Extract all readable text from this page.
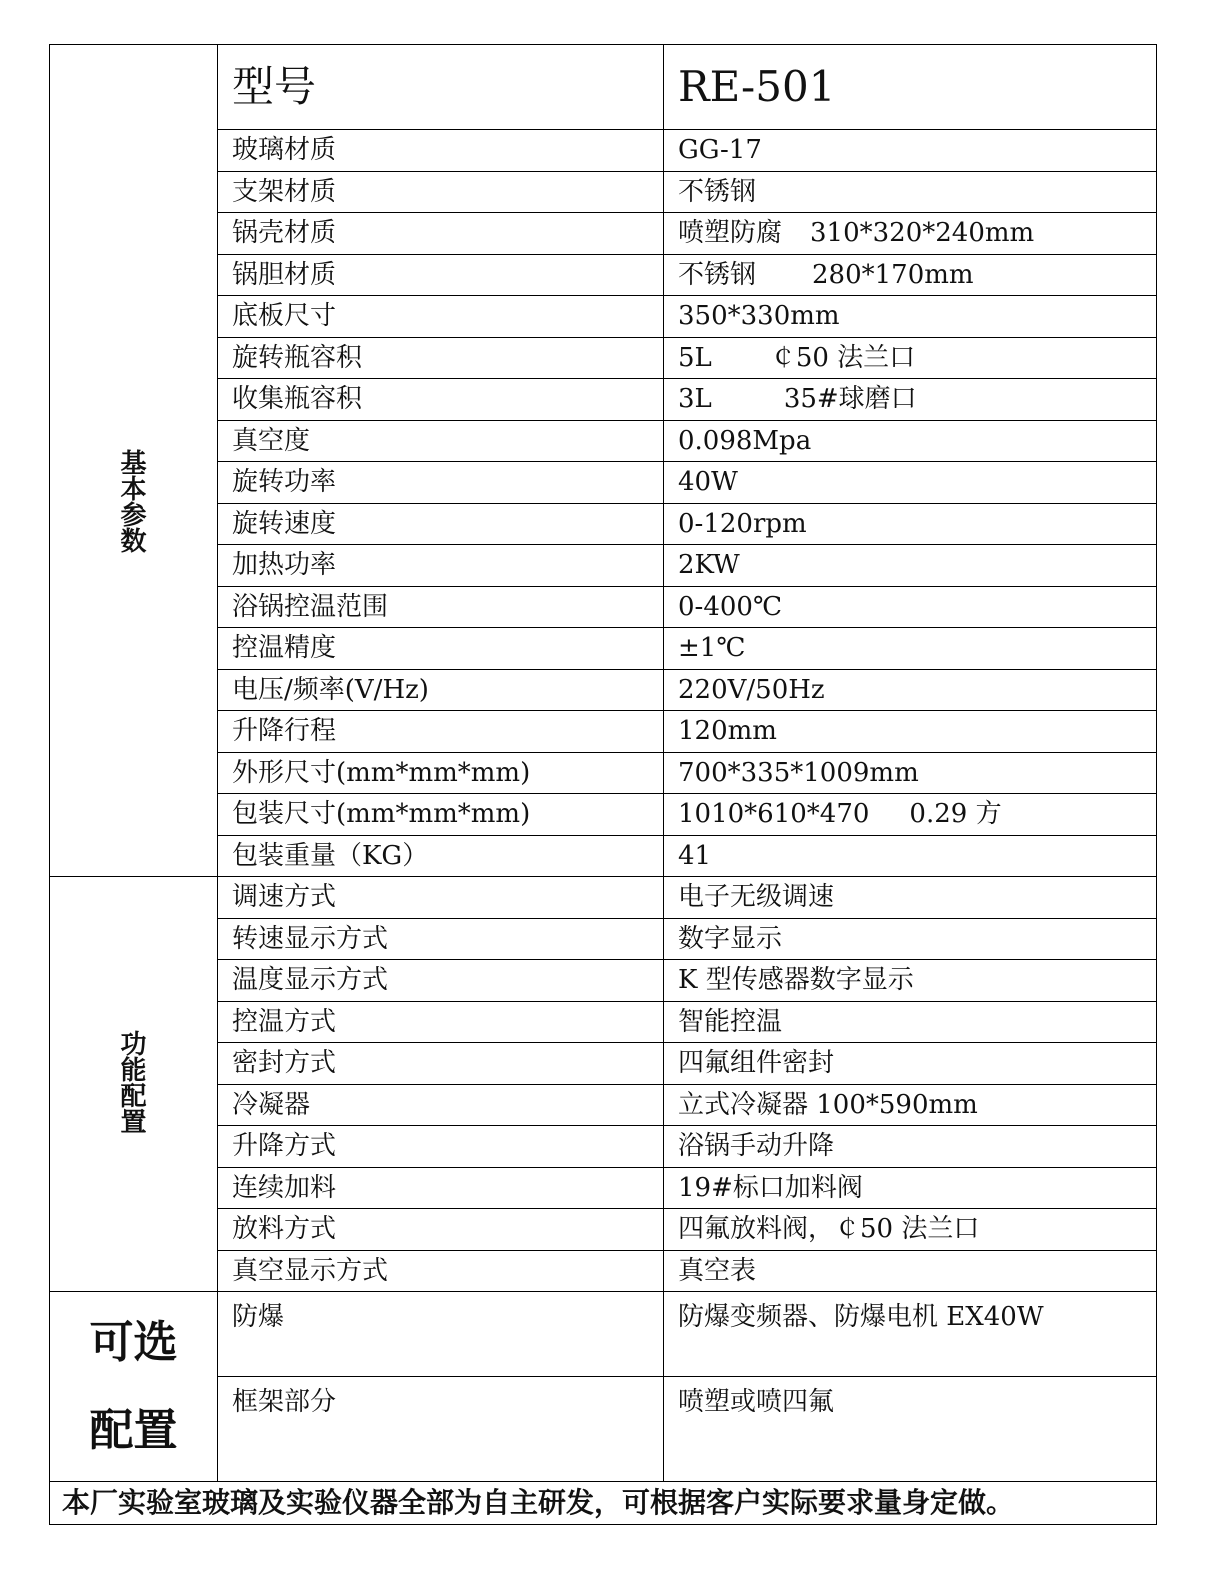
	型号	RE-501

基
本
参
数	玻璃材质	GG-17
	支架材质	不锈钢
	锅壳材质	喷塑防腐 310*320*240mm
	锅胆材质	不锈钢 280*170mm
	底板尺寸	350*330mm
	旋转瓶容积	5L ￠50 法兰口
	收集瓶容积	3L 35#球磨口
	真空度	0.098Mpa
	旋转功率	40W
	旋转速度	0-120rpm
	加热功率	2KW
	浴锅控温范围	0-400℃
	控温精度	±1℃
	电压/频率(V/Hz)	220V/50Hz
	升降行程	120mm
	外形尺寸(mm*mm*mm)	700*335*1009mm
	包装尺寸(mm*mm*mm)	1010*610*470 0.29 方
	包装重量（KG）	41

功
能
配
置	调速方式	电子无级调速
	转速显示方式	数字显示
	温度显示方式	K 型传感器数字显示
	控温方式	智能控温
	密封方式	四氟组件密封
	冷凝器	立式冷凝器 100*590mm
	升降方式	浴锅手动升降
	连续加料	19#标口加料阀
	放料方式	四氟放料阀，￠50 法兰口
	真空显示方式	真空表

可选
配置	防爆	防爆变频器、防爆电机 EX40W
	框架部分	喷塑或喷四氟
本厂实验室玻璃及实验仪器全部为自主研发，可根据客户实际要求量身定做。		
